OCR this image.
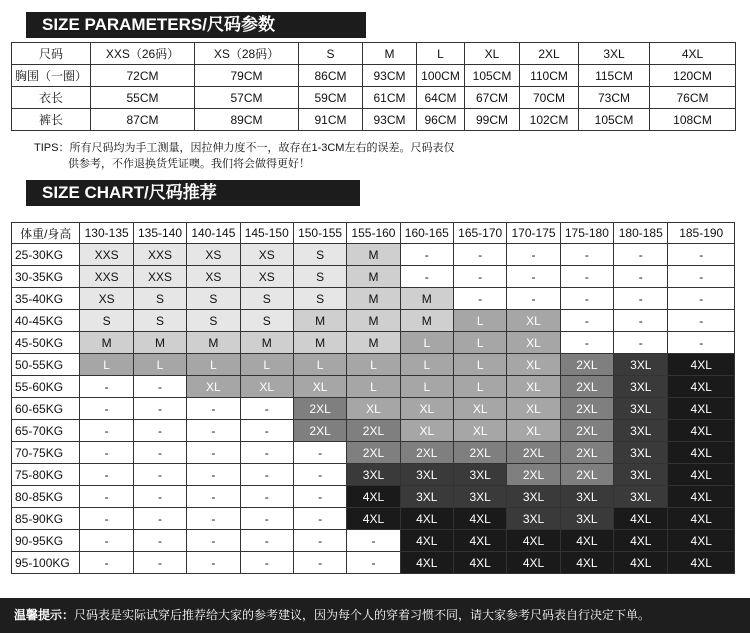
SIZE PARAMETERS/尺码参数
尺码	XXS（26码）	XS（28码）	S	M	L	XL	2XL	3XL	4XL
胸围（一圈）	72CM	79CM	86CM	93CM	100CM	105CM	110CM	115CM	120CM
衣长	55CM	57CM	59CM	61CM	64CM	67CM	70CM	73CM	76CM
裤长	87CM	89CM	91CM	93CM	96CM	99CM	102CM	105CM	108CM
TIPS：所有尺码均为手工测量，因拉伸力度不一，故存在1-3CM左右的误差。尺码表仅
供参考，不作退换货凭证噢。我们将会做得更好！
SIZE CHART/尺码推荐
体重/身高	130-135	135-140	140-145	145-150	150-155	155-160	160-165	165-170	170-175	175-180	180-185	185-190
25-30KG	XXS	XXS	XS	XS	S	M	-	-	-	-	-	-
30-35KG	XXS	XXS	XS	XS	S	M	-	-	-	-	-	-
35-40KG	XS	S	S	S	S	M	M	-	-	-	-	-
40-45KG	S	S	S	S	M	M	M	L	XL	-	-	-
45-50KG	M	M	M	M	M	M	L	L	XL	-	-	-
50-55KG	L	L	L	L	L	L	L	L	XL	2XL	3XL	4XL
55-60KG	-	-	XL	XL	XL	L	L	L	XL	2XL	3XL	4XL
60-65KG	-	-	-	-	2XL	XL	XL	XL	XL	2XL	3XL	4XL
65-70KG	-	-	-	-	2XL	2XL	XL	XL	XL	2XL	3XL	4XL
70-75KG	-	-	-	-	-	2XL	2XL	2XL	2XL	2XL	3XL	4XL
75-80KG	-	-	-	-	-	3XL	3XL	3XL	2XL	2XL	3XL	4XL
80-85KG	-	-	-	-	-	4XL	3XL	3XL	3XL	3XL	3XL	4XL
85-90KG	-	-	-	-	-	4XL	4XL	4XL	3XL	3XL	4XL	4XL
90-95KG	-	-	-	-	-	-	4XL	4XL	4XL	4XL	4XL	4XL
95-100KG	-	-	-	-	-	-	4XL	4XL	4XL	4XL	4XL	4XL
温馨提示：尺码表是实际试穿后推荐给大家的参考建议，因为每个人的穿着习惯不同，请大家参考尺码表自行决定下单。
